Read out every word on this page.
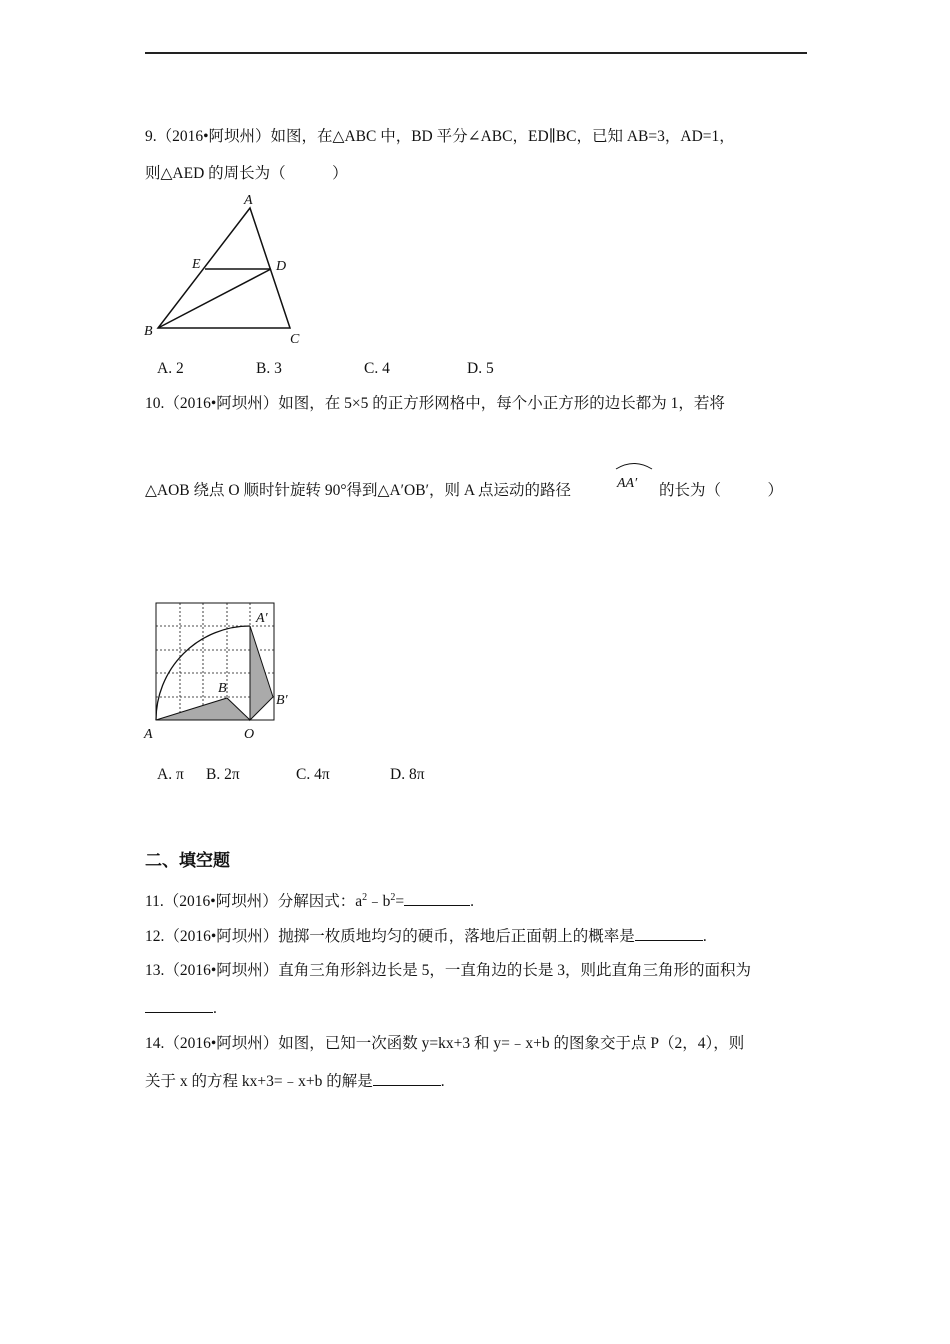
9.（2016•阿坝州）如图，在△ABC 中，BD 平分∠ABC，ED∥BC，已知 AB=3，AD=1，
则△AED 的周长为（　　　）
A
E	D
B
C
A. 2	B. 3	C. 4	D. 5
10.（2016•阿坝州）如图，在 5×5 的正方形网格中，每个小正方形的边长都为 1，若将
△AOB 绕点 O 顺时针旋转 90°得到△A′OB′，则 A 点运动的路径	AA′ 的长为（　　　）
A	O
B
A′
B′
A. π B. 2π	C. 4π	D. 8π
二、填空题
11.（2016•阿坝州）分解因式：$a^2﹣b^2=$	.
12.（2016•阿坝州）抛掷一枚质地均匀的硬币，落地后正面朝上的概率是	.
13.（2016•阿坝州）直角三角形斜边长是 5，一直角边的长是 3，则此直角三角形的面积为
.
14.（2016•阿坝州）如图，已知一次函数 y=kx+3 和 y=﹣x+b 的图象交于点 P（2，4），则
关于 x 的方程 kx+3=﹣x+b 的解是	.
